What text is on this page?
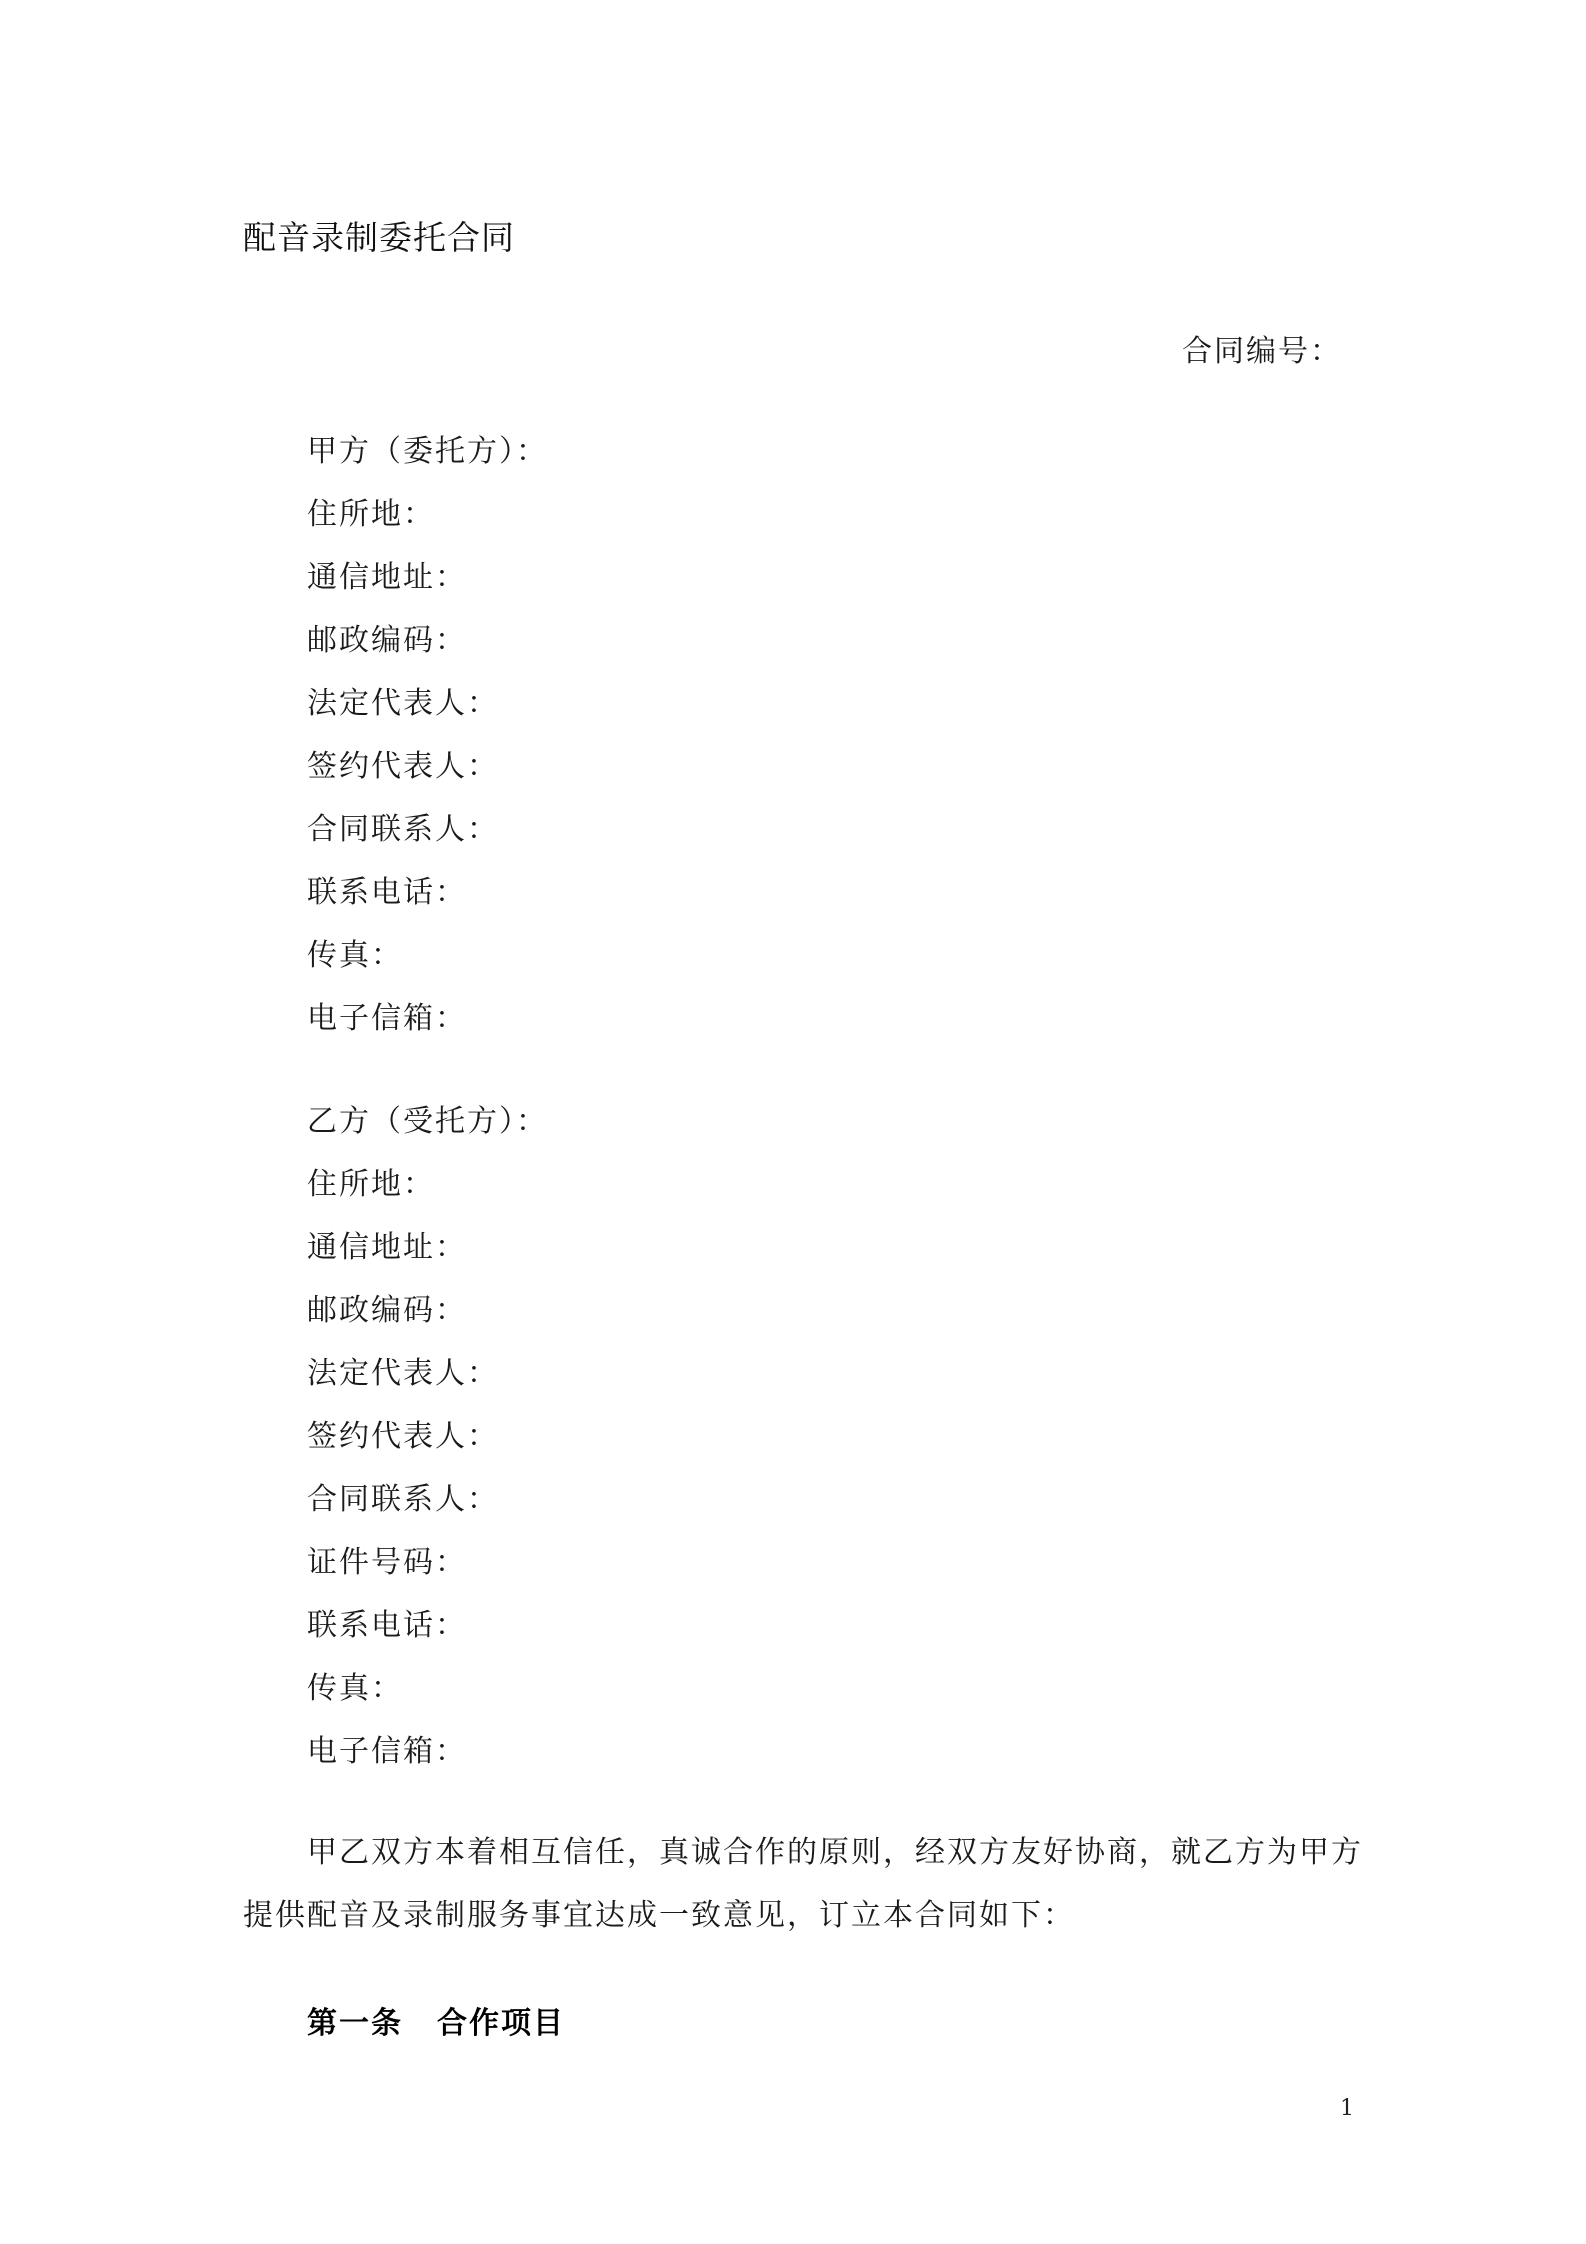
配音录制委托合同
合同编号：
甲方（委托方）：
住所地：
通信地址：
邮政编码：
法定代表人：
签约代表人：
合同联系人：
联系电话：
传真：
电子信箱：
乙方（受托方）：
住所地：
通信地址：
邮政编码：
法定代表人：
签约代表人：
合同联系人：
证件号码：
联系电话：
传真：
电子信箱：
甲乙双方本着相互信任，真诚合作的原则，经双方友好协商，就乙方为甲方
提供配音及录制服务事宜达成一致意见，订立本合同如下：
第一条 合作项目
1
